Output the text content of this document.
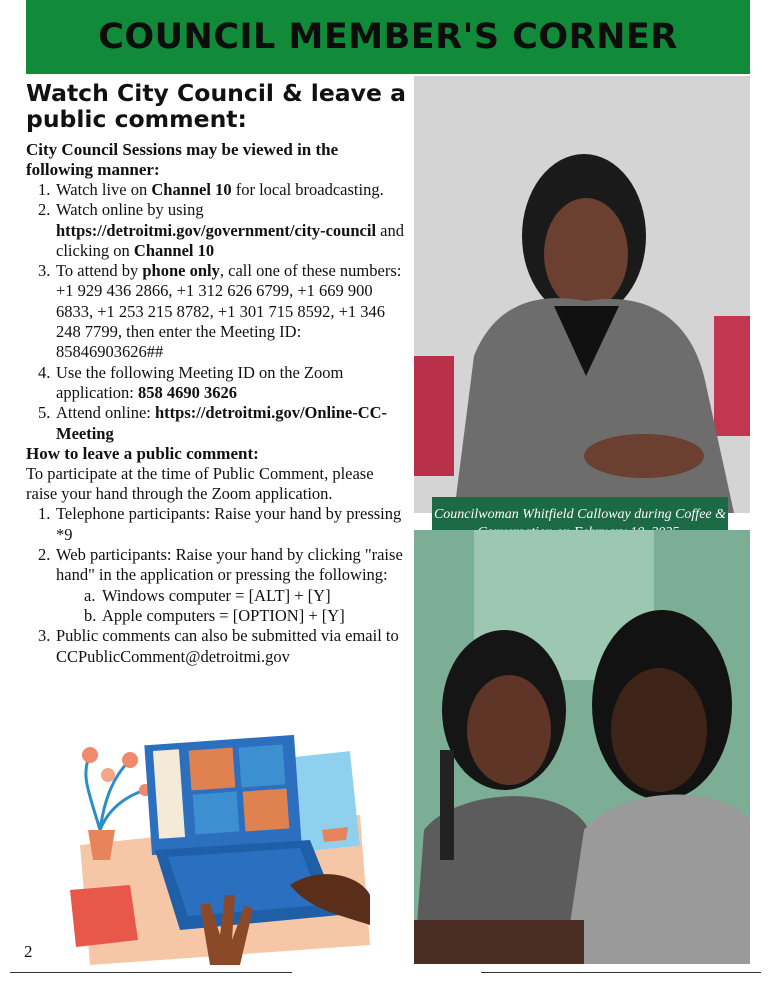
COUNCIL MEMBER'S CORNER
Watch City Council & leave a public comment:

City Council Sessions may be viewed in the following manner:

1. Watch live on Channel 10 for local broadcasting.
2. Watch online by using https://detroitmi.gov/government/city-council and clicking on Channel 10
3. To attend by phone only, call one of these numbers: +1 929 436 2866, +1 312 626 6799, +1 669 900 6833, +1 253 215 8782, +1 301 715 8592, +1 346 248 7799, then enter the Meeting ID: 85846903626##
4. Use the following Meeting ID on the Zoom application: 858 4690 3626
5. Attend online: https://detroitmi.gov/Online-CC-Meeting

How to leave a public comment:

To participate at the time of Public Comment, please raise your hand through the Zoom application.

1. Telephone participants: Raise your hand by pressing *9
2. Web participants: Raise your hand by clicking "raise hand" in the application or pressing the following:
a. Windows computer = [ALT] + [Y]
b. Apple computers = [OPTION] + [Y]
3. Public comments can also be submitted via email to CCPublicComment@detroitmi.gov
Councilwoman Whitfield Calloway during Coffee &
2
